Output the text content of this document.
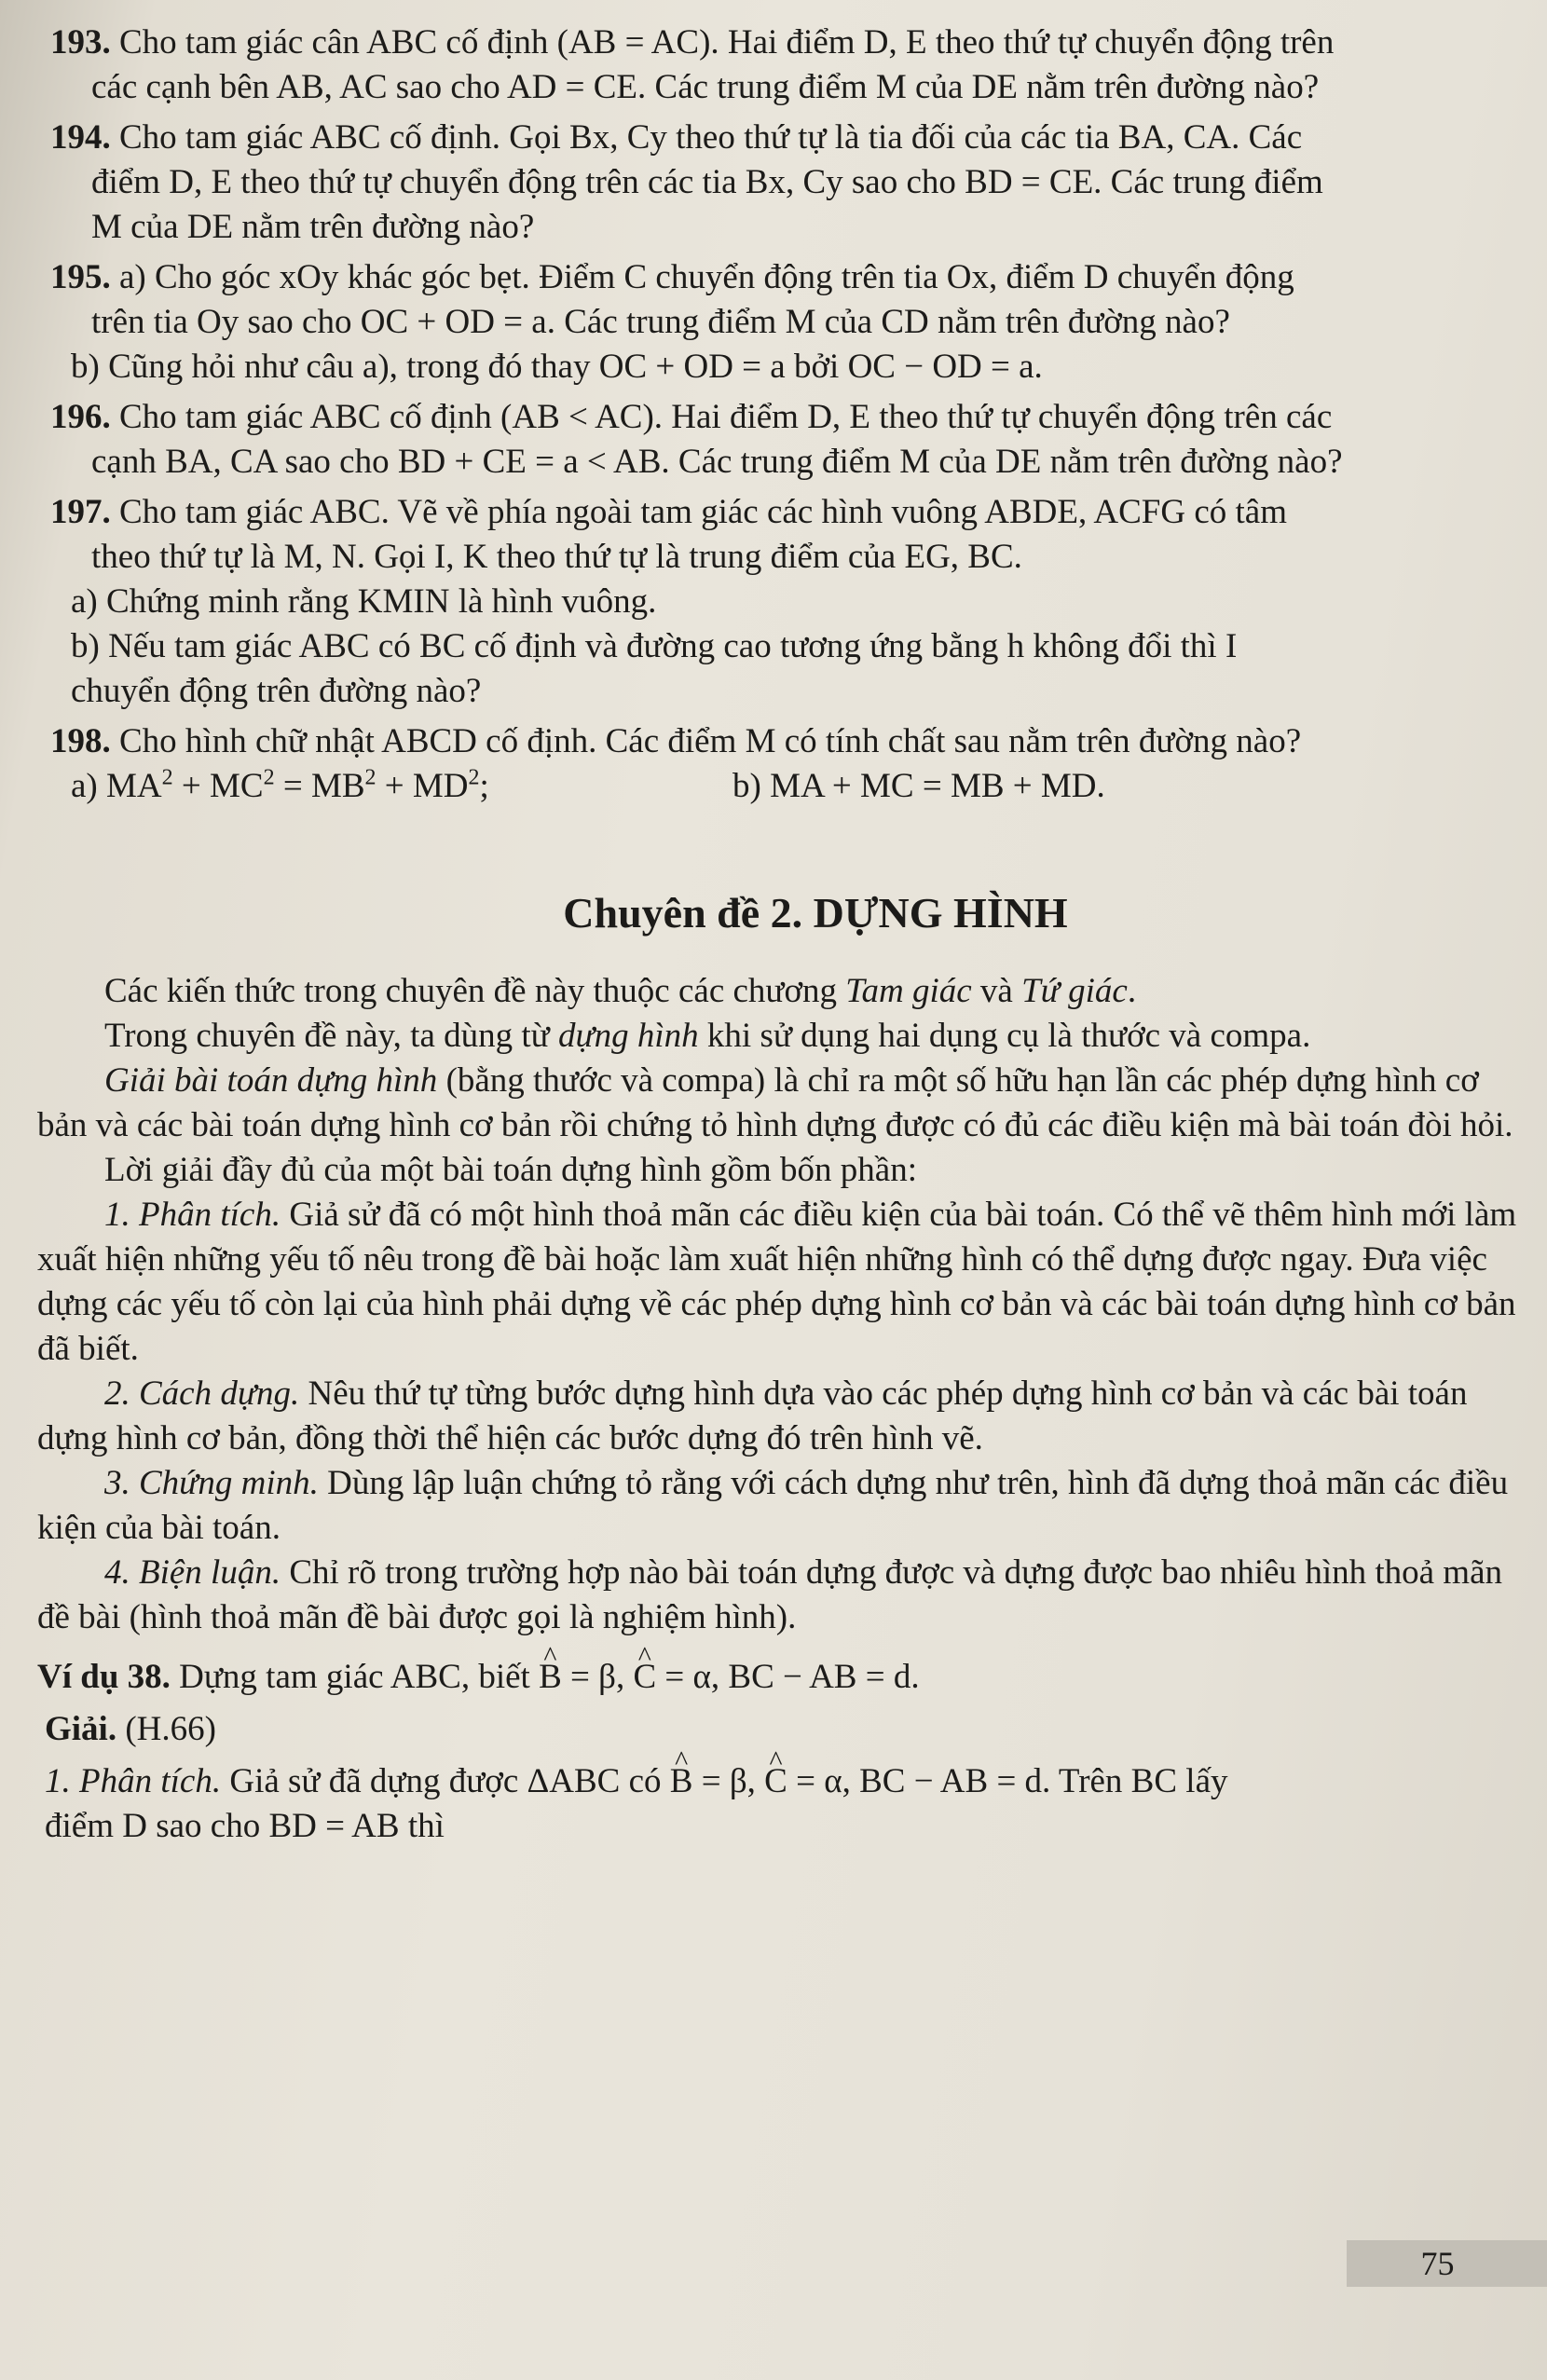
193. Cho tam giác cân ABC cố định (AB = AC). Hai điểm D, E theo thứ tự chuyển động trên
các cạnh bên AB, AC sao cho AD = CE. Các trung điểm M của DE nằm trên đường nào?
194. Cho tam giác ABC cố định. Gọi Bx, Cy theo thứ tự là tia đối của các tia BA, CA. Các
điểm D, E theo thứ tự chuyển động trên các tia Bx, Cy sao cho BD = CE. Các trung điểm
M của DE nằm trên đường nào?
195. a) Cho góc xOy khác góc bẹt. Điểm C chuyển động trên tia Ox, điểm D chuyển động
trên tia Oy sao cho OC + OD = a. Các trung điểm M của CD nằm trên đường nào?
b) Cũng hỏi như câu a), trong đó thay OC + OD = a bởi OC − OD = a.
196. Cho tam giác ABC cố định (AB < AC). Hai điểm D, E theo thứ tự chuyển động trên các
cạnh BA, CA sao cho BD + CE = a < AB. Các trung điểm M của DE nằm trên đường nào?
197. Cho tam giác ABC. Vẽ về phía ngoài tam giác các hình vuông ABDE, ACFG có tâm
theo thứ tự là M, N. Gọi I, K theo thứ tự là trung điểm của EG, BC.
a) Chứng minh rằng KMIN là hình vuông.
b) Nếu tam giác ABC có BC cố định và đường cao tương ứng bằng h không đổi thì I
chuyển động trên đường nào?
198. Cho hình chữ nhật ABCD cố định. Các điểm M có tính chất sau nằm trên đường nào?
a) $MA^2 + MC^2 = MB^2 + MD^2$;	b) MA + MC = MB + MD.
Chuyên đề 2. DỰNG HÌNH

Các kiến thức trong chuyên đề này thuộc các chương Tam giác và Tứ giác.

Trong chuyên đề này, ta dùng từ dựng hình khi sử dụng hai dụng cụ là thước và compa.

Giải bài toán dựng hình (bằng thước và compa) là chỉ ra một số hữu hạn lần các phép dựng hình cơ bản và các bài toán dựng hình cơ bản rồi chứng tỏ hình dựng được có đủ các điều kiện mà bài toán đòi hỏi.

Lời giải đầy đủ của một bài toán dựng hình gồm bốn phần:

1. Phân tích. Giả sử đã có một hình thoả mãn các điều kiện của bài toán. Có thể vẽ thêm hình mới làm xuất hiện những yếu tố nêu trong đề bài hoặc làm xuất hiện những hình có thể dựng được ngay. Đưa việc dựng các yếu tố còn lại của hình phải dựng về các phép dựng hình cơ bản và các bài toán dựng hình cơ bản đã biết.

2. Cách dựng. Nêu thứ tự từng bước dựng hình dựa vào các phép dựng hình cơ bản và các bài toán dựng hình cơ bản, đồng thời thể hiện các bước dựng đó trên hình vẽ.

3. Chứng minh. Dùng lập luận chứng tỏ rằng với cách dựng như trên, hình đã dựng thoả mãn các điều kiện của bài toán.

4. Biện luận. Chỉ rõ trong trường hợp nào bài toán dựng được và dựng được bao nhiêu hình thoả mãn đề bài (hình thoả mãn đề bài được gọi là nghiệm hình).

Ví dụ 38. Dựng tam giác ABC, biết ^ B = β, ^ C = α, BC − AB = d.

Giải. (H.66)

1. Phân tích. Giả sử đã dựng được ΔABC có ^ B = β, ^ C = α, BC − AB = d. Trên BC lấy
điểm D sao cho BD = AB thì

75
